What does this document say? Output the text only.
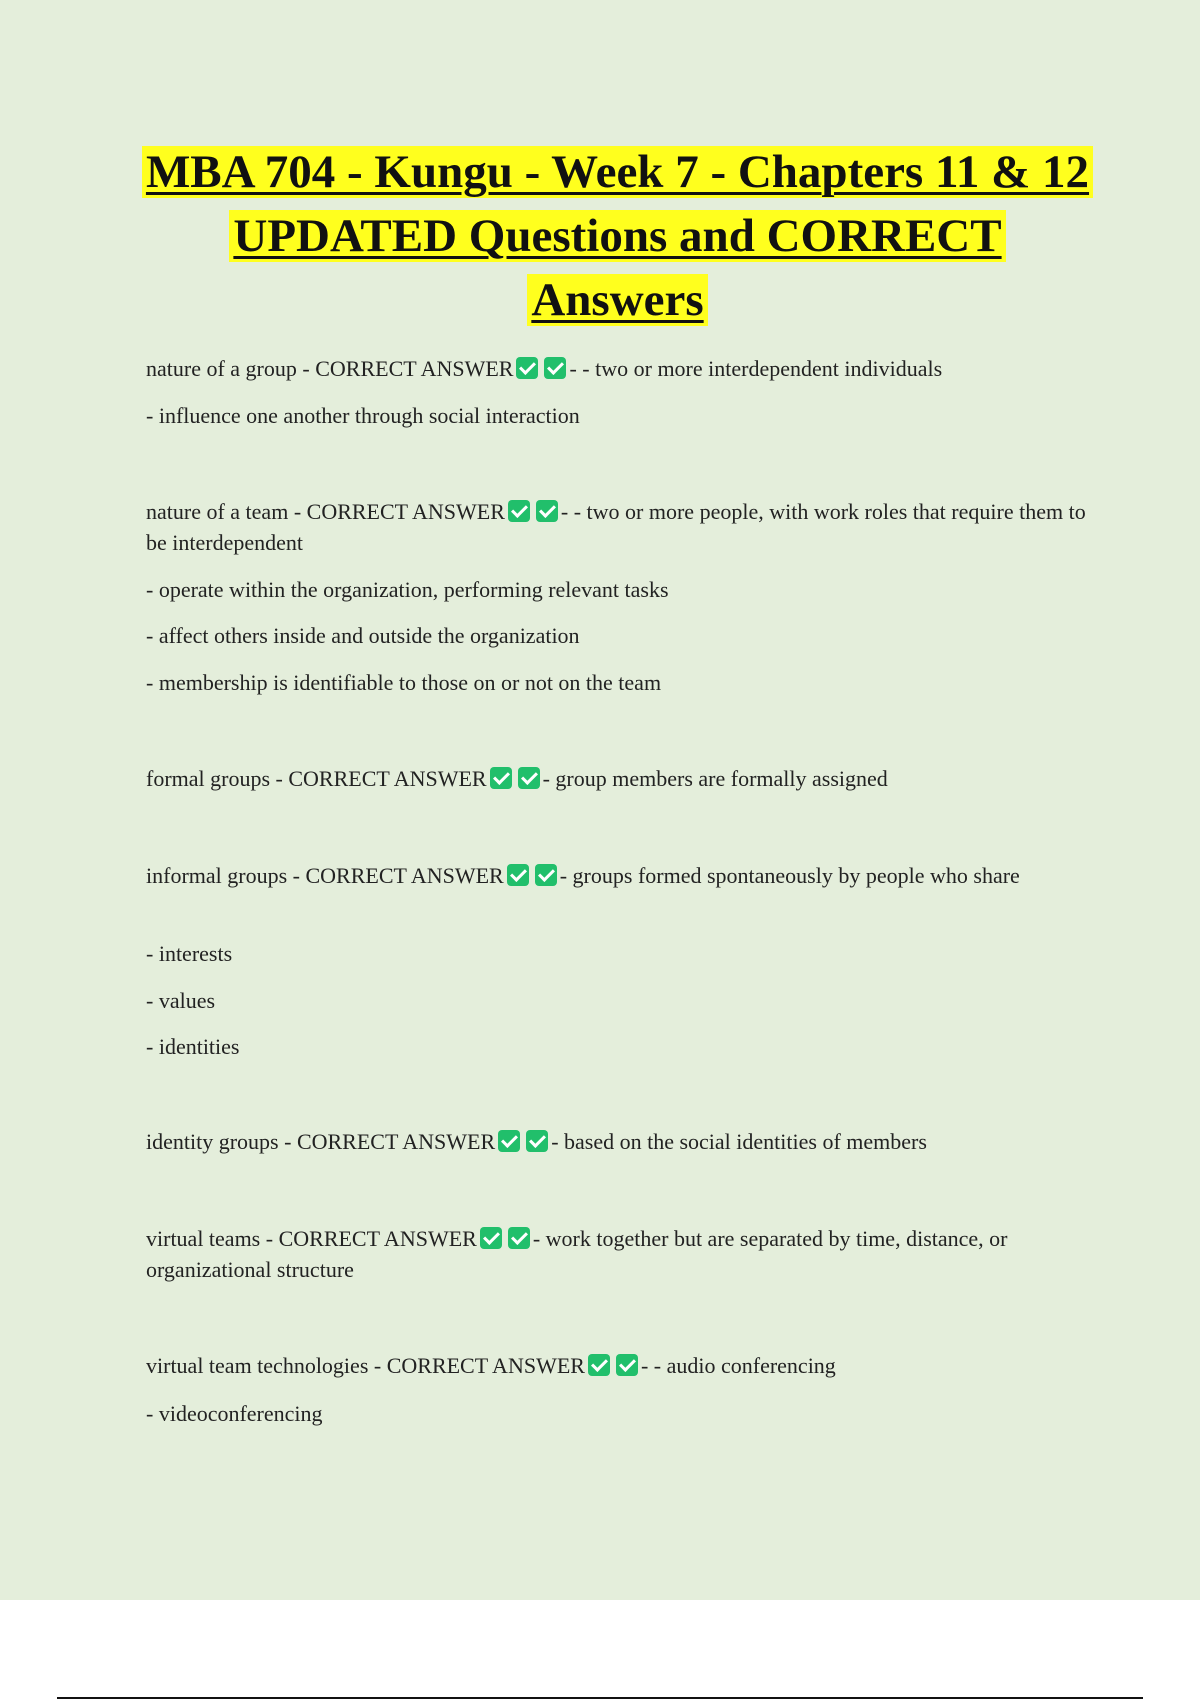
MBA 704 - Kungu - Week 7 - Chapters 11 & 12 UPDATED Questions and CORRECT Answers
nature of a group - CORRECT ANSWER	- - two or more interdependent individuals
- influence one another through social interaction
nature of a team - CORRECT ANSWER	- - two or more people, with work roles that require them to be interdependent
- operate within the organization, performing relevant tasks
- affect others inside and outside the organization
- membership is identifiable to those on or not on the team
formal groups - CORRECT ANSWER	- group members are formally assigned
informal groups - CORRECT ANSWER	- groups formed spontaneously by people who share
- interests
- values
- identities
identity groups - CORRECT ANSWER	- based on the social identities of members
virtual teams - CORRECT ANSWER	- work together but are separated by time, distance, or organizational structure
virtual team technologies - CORRECT ANSWER	- - audio conferencing
- videoconferencing
